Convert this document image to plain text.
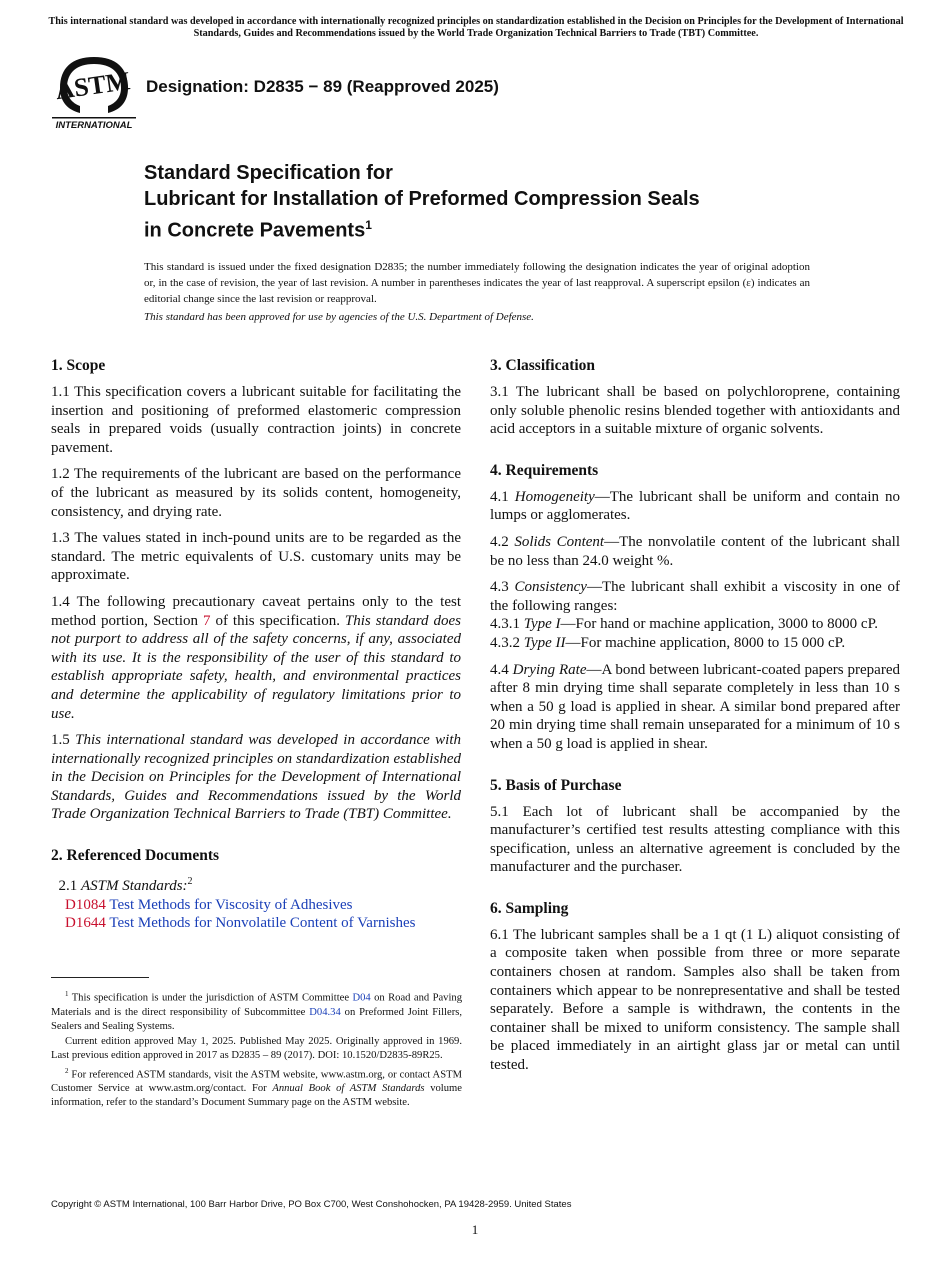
This international standard was developed in accordance with internationally recognized principles on standardization established in the Decision on Principles for the Development of International Standards, Guides and Recommendations issued by the World Trade Organization Technical Barriers to Trade (TBT) Committee.
ASTM
INTERNATIONAL
Designation: D2835 − 89 (Reapproved 2025)
Standard Specification for
Lubricant for Installation of Preformed Compression Seals
in Concrete Pavements$^1$
This standard is issued under the fixed designation D2835; the number immediately following the designation indicates the year of original adoption or, in the case of revision, the year of last revision. A number in parentheses indicates the year of last reapproval. A superscript epsilon (ε) indicates an editorial change since the last revision or reapproval.
This standard has been approved for use by agencies of the U.S. Department of Defense.
1. Scope

1.1 This specification covers a lubricant suitable for facilitating the insertion and positioning of preformed elastomeric compression seals in prepared voids (usually contraction joints) in concrete pavement.

1.2 The requirements of the lubricant are based on the performance of the lubricant as measured by its solids content, homogeneity, consistency, and drying rate.

1.3 The values stated in inch-pound units are to be regarded as the standard. The metric equivalents of U.S. customary units may be approximate.

1.4 The following precautionary caveat pertains only to the test method portion, Section 7 of this specification. This standard does not purport to address all of the safety concerns, if any, associated with its use. It is the responsibility of the user of this standard to establish appropriate safety, health, and environmental practices and determine the applicability of regulatory limitations prior to use.

1.5 This international standard was developed in accordance with internationally recognized principles on standardization established in the Decision on Principles for the Development of International Standards, Guides and Recommendations issued by the World Trade Organization Technical Barriers to Trade (TBT) Committee.

2. Referenced Documents

2.1 ASTM Standards:$^2$

D1084 Test Methods for Viscosity of Adhesives
D1644 Test Methods for Nonvolatile Content of Varnishes
3. Classification

3.1 The lubricant shall be based on polychloroprene, containing only soluble phenolic resins blended together with antioxidants and acid acceptors in a suitable mixture of organic solvents.

4. Requirements

4.1 Homogeneity—The lubricant shall be uniform and contain no lumps or agglomerates.

4.2 Solids Content—The nonvolatile content of the lubricant shall be no less than 24.0 weight %.

4.3 Consistency—The lubricant shall exhibit a viscosity in one of the following ranges:

4.3.1 Type I—For hand or machine application, 3000 to 8000 cP.

4.3.2 Type II—For machine application, 8000 to 15 000 cP.

4.4 Drying Rate—A bond between lubricant-coated papers prepared after 8 min drying time shall separate completely in less than 10 s when a 50 g load is applied in shear. A similar bond prepared after 20 min drying time shall remain unseparated for a minimum of 10 s when a 50 g load is applied in shear.

5. Basis of Purchase

5.1 Each lot of lubricant shall be accompanied by the manufacturer’s certified test results attesting compliance with this specification, unless an alternative agreement is concluded by the manufacturer and the purchaser.

6. Sampling

6.1 The lubricant samples shall be a 1 qt (1 L) aliquot consisting of a composite taken when possible from three or more separate containers chosen at random. Samples also shall be taken from containers which appear to be nonrepresentative and shall be tested separately. Before a sample is withdrawn, the contents in the container shall be mixed to uniform consistency. The sample shall be placed immediately in an airtight glass jar or metal can until tested.

$^1$ This specification is under the jurisdiction of ASTM Committee D04 on Road and Paving Materials and is the direct responsibility of Subcommittee D04.34 on Preformed Joint Fillers, Sealers and Sealing Systems.

Current edition approved May 1, 2025. Published May 2025. Originally approved in 1969. Last previous edition approved in 2017 as D2835 – 89 (2017). DOI: 10.1520/D2835-89R25.

$^2$ For referenced ASTM standards, visit the ASTM website, www.astm.org, or contact ASTM Customer Service at www.astm.org/contact. For Annual Book of ASTM Standards volume information, refer to the standard’s Document Summary page on the ASTM website.

Copyright © ASTM International, 100 Barr Harbor Drive, PO Box C700, West Conshohocken, PA 19428-2959. United States
1
